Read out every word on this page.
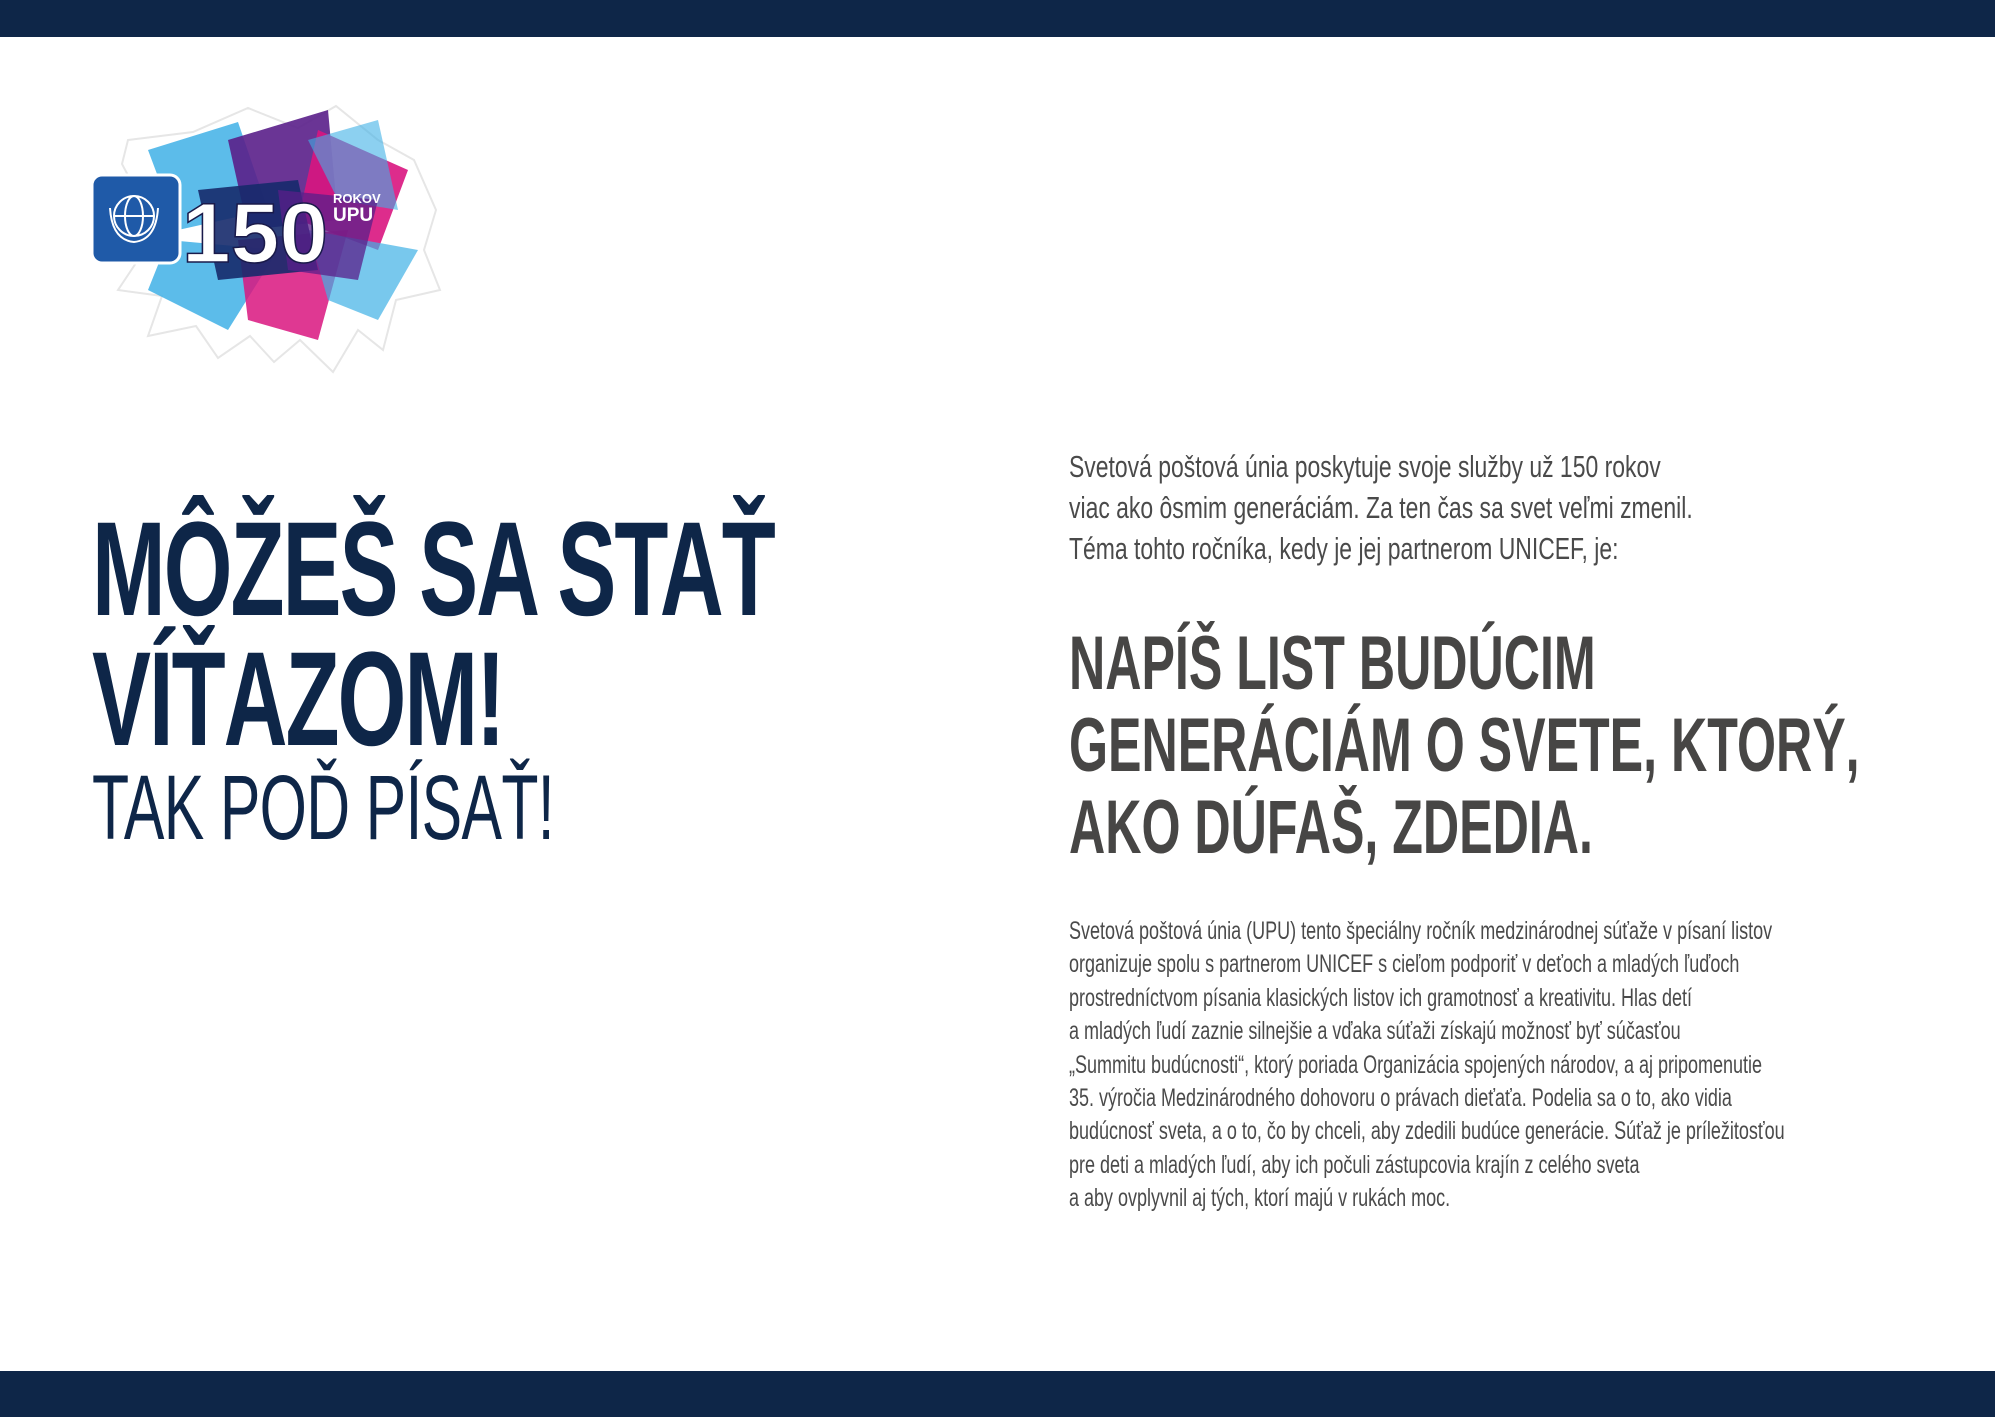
150 ROKOV
UPU
MÔŽEŠ SA STAŤ
VÍŤAZOM!
TAK POĎ PÍSAŤ!
Svetová poštová únia poskytuje svoje služby už 150 rokov
viac ako ôsmim generáciám. Za ten čas sa svet veľmi zmenil.
Téma tohto ročníka, kedy je jej partnerom UNICEF, je:
NAPÍŠ LIST BUDÚCIM
GENERÁCIÁM O SVETE, KTORÝ,
AKO DÚFAŠ, ZDEDIA.
Svetová poštová únia (UPU) tento špeciálny ročník medzinárodnej súťaže v písaní listov
organizuje spolu s partnerom UNICEF s cieľom podporiť v deťoch a mladých ľuďoch
prostredníctvom písania klasických listov ich gramotnosť a kreativitu. Hlas detí
a mladých ľudí zaznie silnejšie a vďaka súťaži získajú možnosť byť súčasťou
„Summitu budúcnosti“, ktorý poriada Organizácia spojených národov, a aj pripomenutie
35. výročia Medzinárodného dohovoru o právach dieťaťa. Podelia sa o to, ako vidia
budúcnosť sveta, a o to, čo by chceli, aby zdedili budúce generácie. Súťaž je príležitosťou
pre deti a mladých ľudí, aby ich počuli zástupcovia krajín z celého sveta
a aby ovplyvnil aj tých, ktorí majú v rukách moc.
